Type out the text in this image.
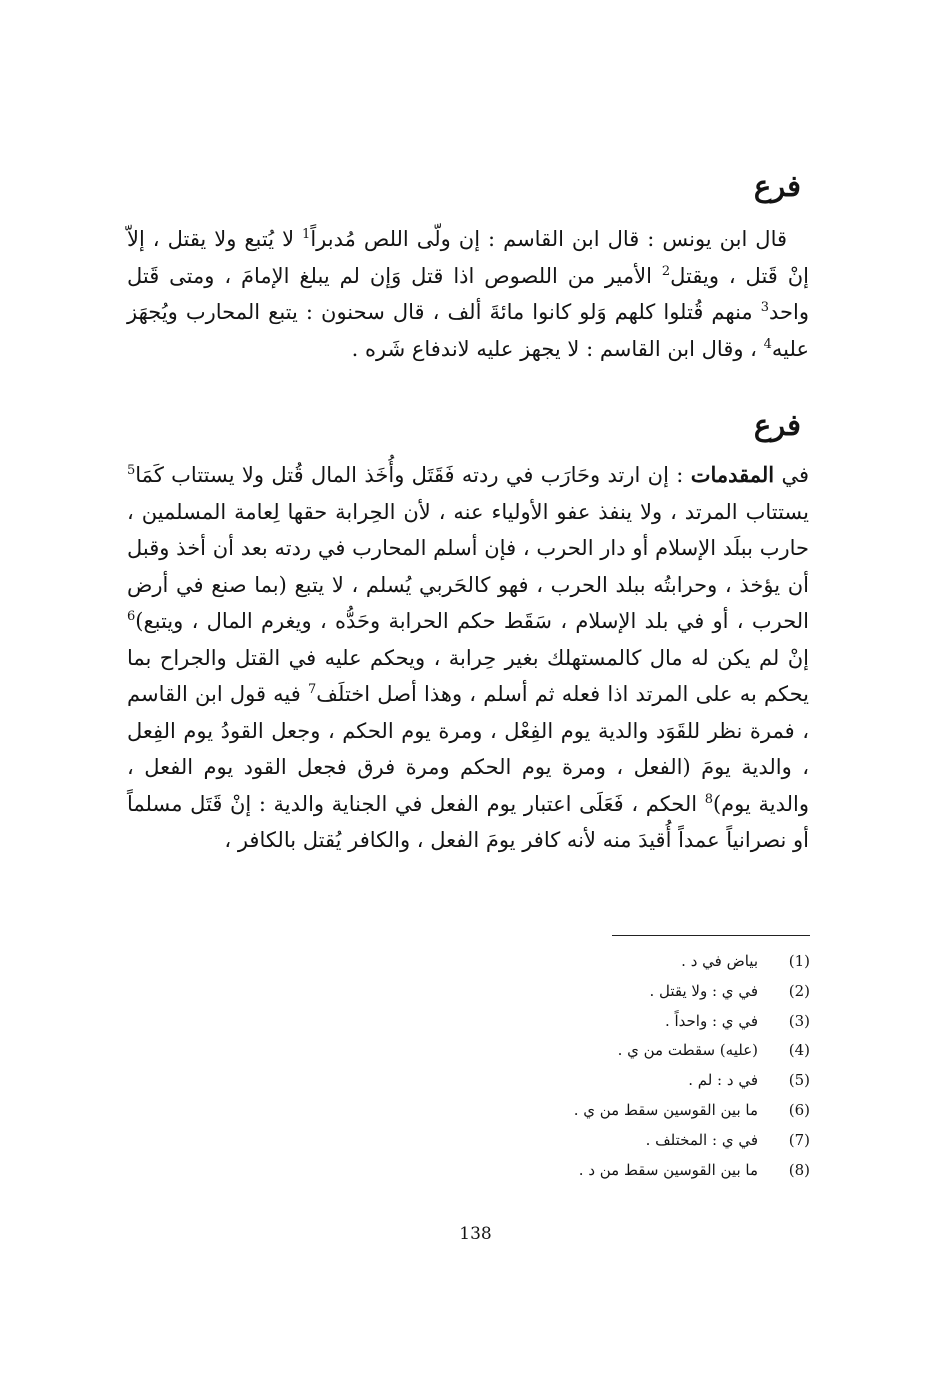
فرع

قال ابن يونس : قال ابن القاسم : إن ولّى اللص مُدبراً$^1$ لا يُتبع ولا يقتل ، إلاّ إنْ قَتل ، ويقتل$^2$ الأمير من اللصوص اذا قتل وَإن لم يبلغ الإمامَ ، ومتى قَتل واحد$^3$ منهم قُتلوا كلهم وَلو كانوا مائةَ ألف ، قال سحنون : يتبع المحارب ويُجهَز عليه$^4$ ، وقال ابن القاسم : لا يجهز عليه لاندفاع شَره .

فرع

في المقدمات : إن ارتد وحَارَب في ردته فَقَتَل وأُخَذ المال قُتل ولا يستتاب كَمَا$^5$ يستتاب المرتد ، ولا ينفذ عفو الأولياء عنه ، لأن الحِرابة حقها لِعامة المسلمين ، حارب ببلَد الإسلام أو دار الحرب ، فإن أسلم المحارب في ردته بعد أن أخذ وقبل أن يؤخذ ، وحرابتُه ببلد الحرب ، فهو كالحَربي يُسلم ، لا يتبع (بما صنع في أرض الحرب ، أو في بلد الإسلام ، سَقَط حكم الحرابة وحَدُّه ، ويغرم المال ، ويتبع)$^6$ إنْ لم يكن له مال كالمستهلك بغير حِرابة ، ويحكم عليه في القتل والجراح بما يحكم به على المرتد اذا فعله ثم أسلم ، وهذا أصل اختلَف$^7$ فيه قول ابن القاسم ، فمرة نظر للقَوَد والدية يوم الفِعْل ، ومرة يوم الحكم ، وجعل القودُ يوم الفِعل ، والدية يومَ (الفعل ، ومرة يوم الحكم ومرة فرق فجعل القود يوم الفعل ، والدية يوم)$^8$ الحكم ، فَعَلَى اعتبار يوم الفعل في الجناية والدية : إنْ قَتَل مسلماً أو نصرانياً عمداً أُقيدَ منه لأنه كافر يومَ الفعل ، والكافر يُقتل بالكافر ،

(1)
بياض في د .
(2)
في ي : ولا يقتل .
(3)
في ي : واحداً .
(4)
(عليه) سقطت من ي .
(5)
في د : لم .
(6)
ما بين القوسين سقط من ي .
(7)
في ي : المختلف .
(8)
ما بين القوسين سقط من د .
138
